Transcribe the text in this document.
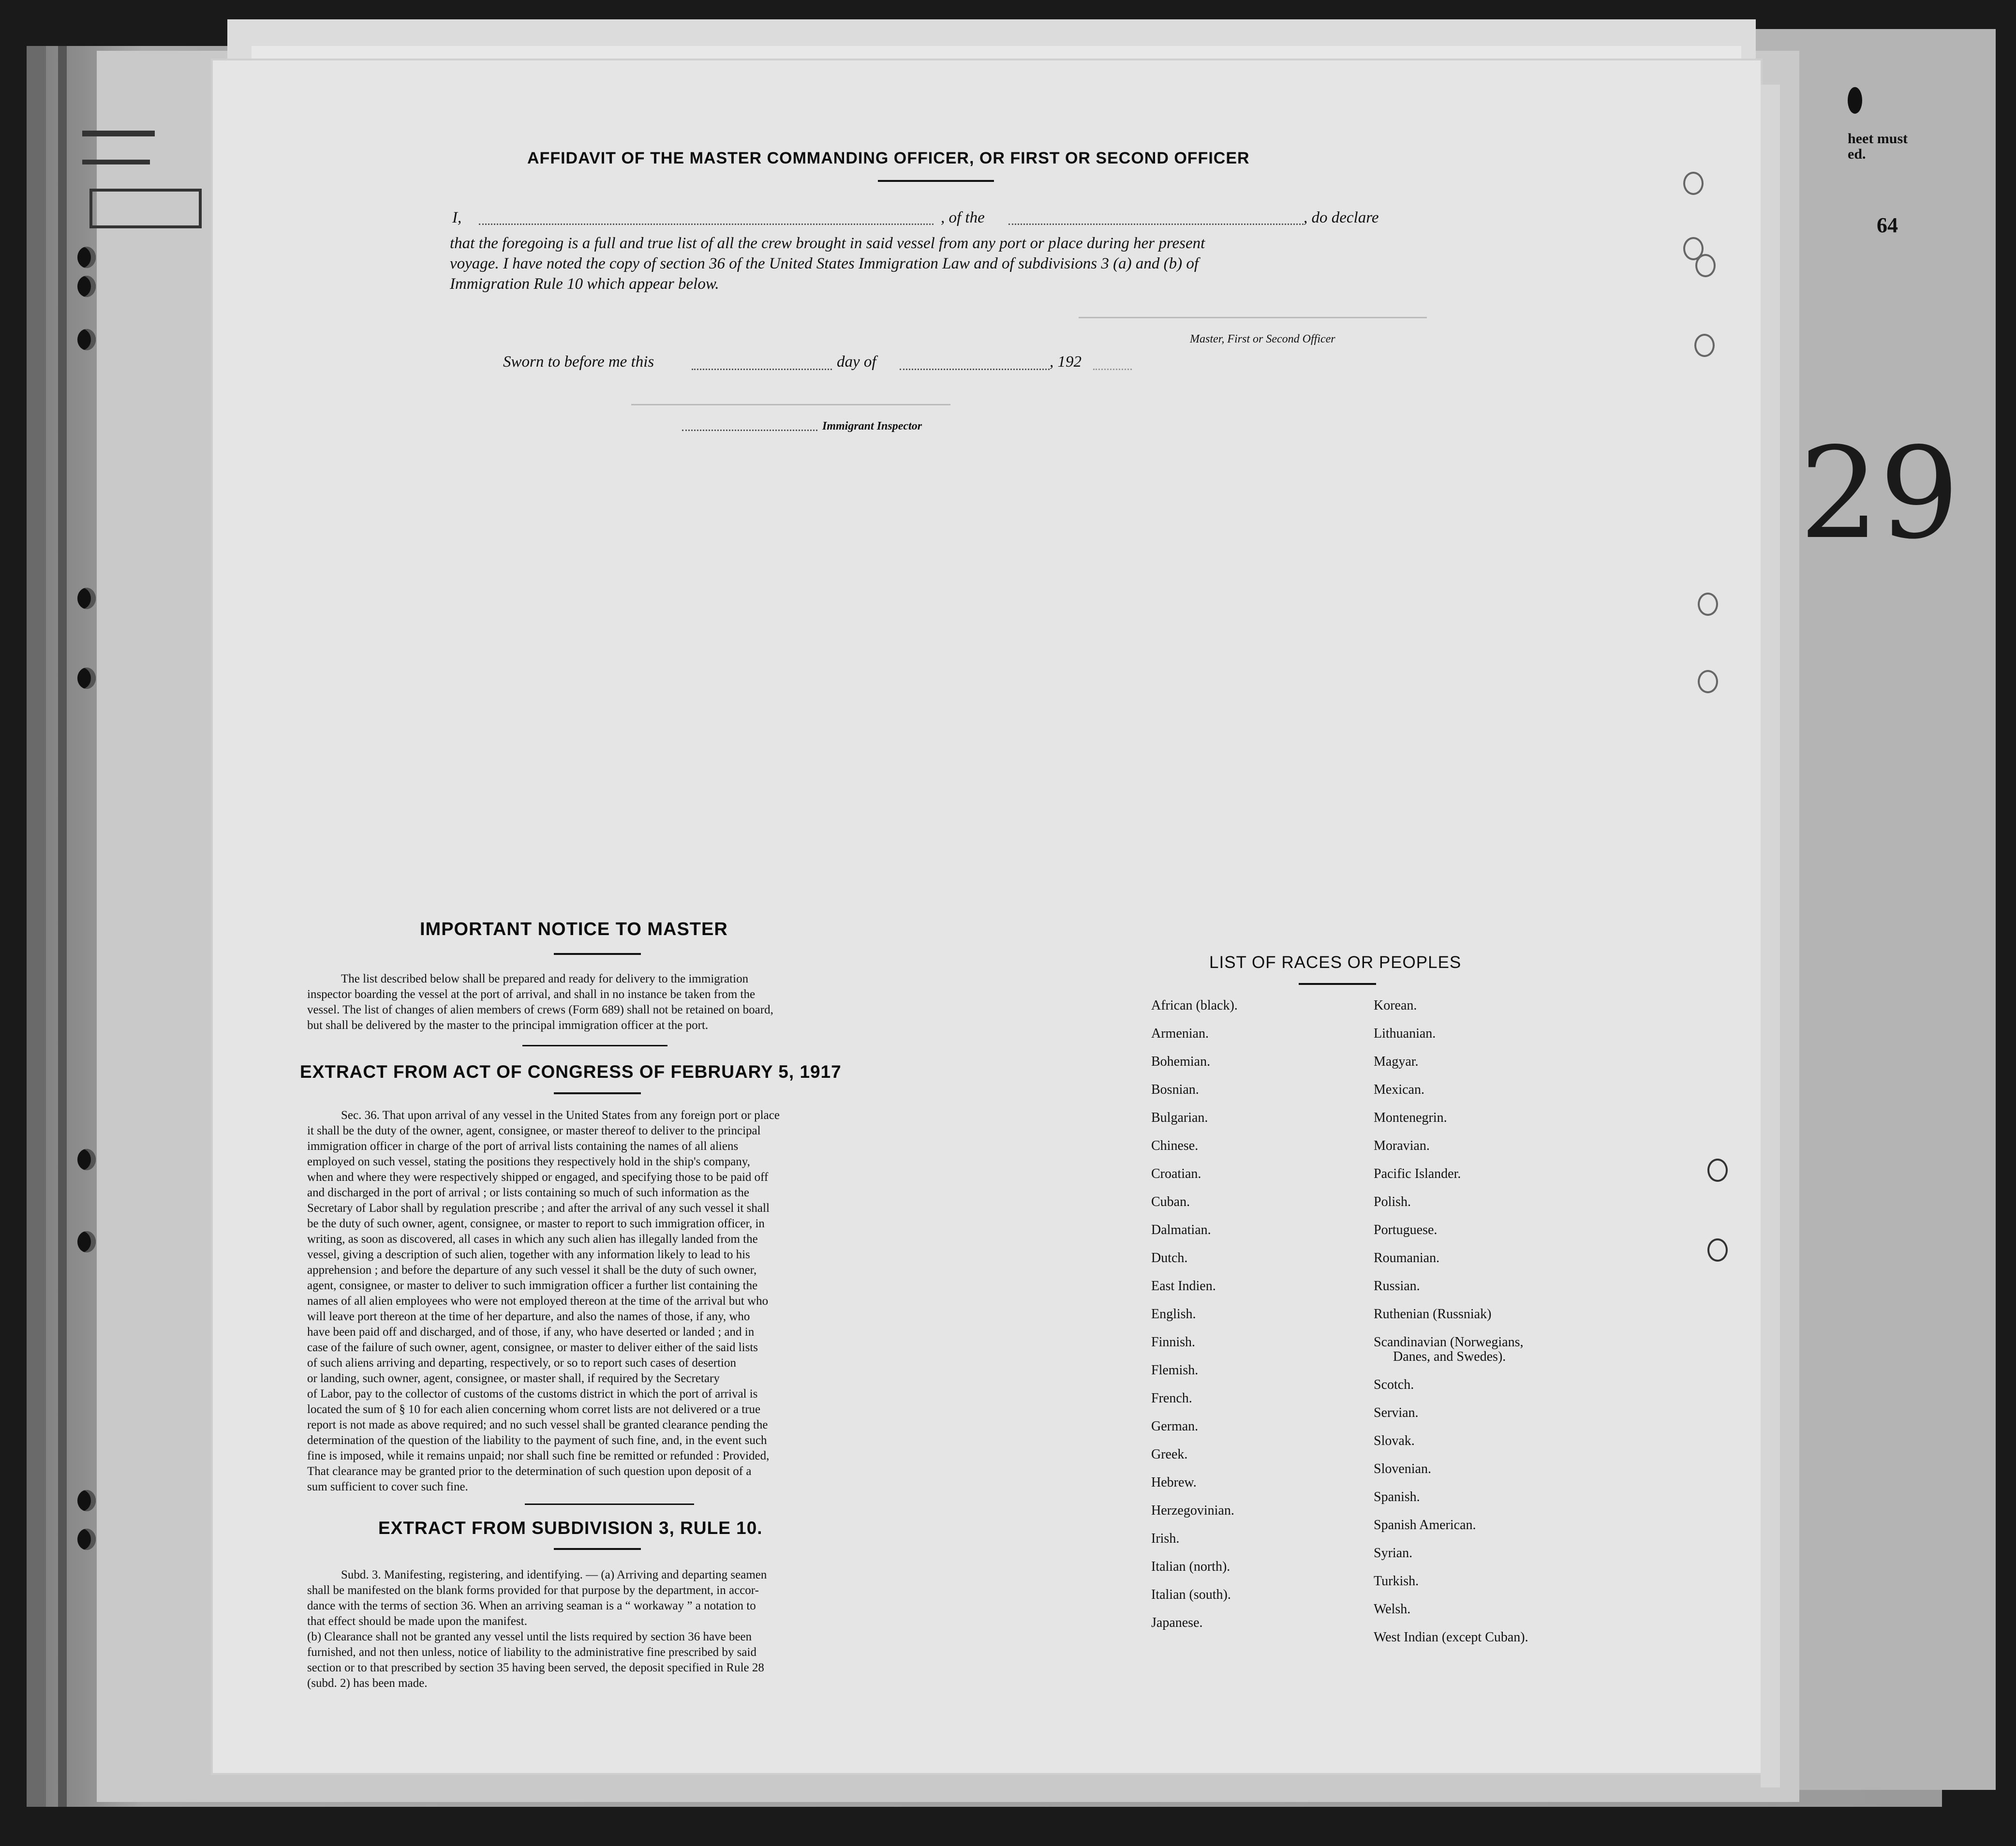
heet must
ed.
64
29
AFFIDAVIT OF THE MASTER COMMANDING OFFICER, OR FIRST OR SECOND OFFICER
I,	, of the	, do declare
that the foregoing is a full and true list of all the crew brought in said vessel from any port or place during her present
voyage. I have noted the copy of section 36 of the United States Immigration Law and of subdivisions 3 (a) and (b) of
Immigration Rule 10 which appear below.
Master, First or Second Officer
Sworn to before me this	day of	, 192
Immigrant Inspector
IMPORTANT NOTICE TO MASTER
The list described below shall be prepared and ready for delivery to the immigration
inspector boarding the vessel at the port of arrival, and shall in no instance be taken from the
vessel. The list of changes of alien members of crews (Form 689) shall not be retained on board,
but shall be delivered by the master to the principal immigration officer at the port.
EXTRACT FROM ACT OF CONGRESS OF FEBRUARY 5, 1917
Sec. 36. That upon arrival of any vessel in the United States from any foreign port or place
it shall be the duty of the owner, agent, consignee, or master thereof to deliver to the principal
immigration officer in charge of the port of arrival lists containing the names of all aliens
employed on such vessel, stating the positions they respectively hold in the ship's company,
when and where they were respectively shipped or engaged, and specifying those to be paid off
and discharged in the port of arrival ; or lists containing so much of such information as the
Secretary of Labor shall by regulation prescribe ; and after the arrival of any such vessel it shall
be the duty of such owner, agent, consignee, or master to report to such immigration officer, in
writing, as soon as discovered, all cases in which any such alien has illegally landed from the
vessel, giving a description of such alien, together with any information likely to lead to his
apprehension ; and before the departure of any such vessel it shall be the duty of such owner,
agent, consignee, or master to deliver to such immigration officer a further list containing the
names of all alien employees who were not employed thereon at the time of the arrival but who
will leave port thereon at the time of her departure, and also the names of those, if any, who
have been paid off and discharged, and of those, if any, who have deserted or landed ; and in
case of the failure of such owner, agent, consignee, or master to deliver either of the said lists
of such aliens arriving and departing, respectively, or so to report such cases of desertion
or landing, such owner, agent, consignee, or master shall, if required by the Secretary
of Labor, pay to the collector of customs of the customs district in which the port of arrival is
located the sum of § 10 for each alien concerning whom corret lists are not delivered or a true
report is not made as above required; and no such vessel shall be granted clearance pending the
determination of the question of the liability to the payment of such fine, and, in the event such
fine is imposed, while it remains unpaid; nor shall such fine be remitted or refunded : Provided,
That clearance may be granted prior to the determination of such question upon deposit of a
sum sufficient to cover such fine.
EXTRACT FROM SUBDIVISION 3, RULE 10.
Subd. 3. Manifesting, registering, and identifying. — (a) Arriving and departing seamen
shall be manifested on the blank forms provided for that purpose by the department, in accor-
dance with the terms of section 36. When an arriving seaman is a “ workaway ” a notation to
that effect should be made upon the manifest.
(b) Clearance shall not be granted any vessel until the lists required by section 36 have been
furnished, and not then unless, notice of liability to the administrative fine prescribed by said
section or to that prescribed by section 35 having been served, the deposit specified in Rule 28
(subd. 2) has been made.
LIST OF RACES OR PEOPLES
African (black).
Armenian.
Bohemian.
Bosnian.
Bulgarian.
Chinese.
Croatian.
Cuban.
Dalmatian.
Dutch.
East Indien.
English.
Finnish.
Flemish.
French.
German.
Greek.
Hebrew.
Herzegovinian.
Irish.
Italian (north).
Italian (south).
Japanese.
Korean.
Lithuanian.
Magyar.
Mexican.
Montenegrin.
Moravian.
Pacific Islander.
Polish.
Portuguese.
Roumanian.
Russian.
Ruthenian (Russniak)
Scandinavian (Norwegians,
Danes, and Swedes).
Scotch.
Servian.
Slovak.
Slovenian.
Spanish.
Spanish American.
Syrian.
Turkish.
Welsh.
West Indian (except Cuban).
